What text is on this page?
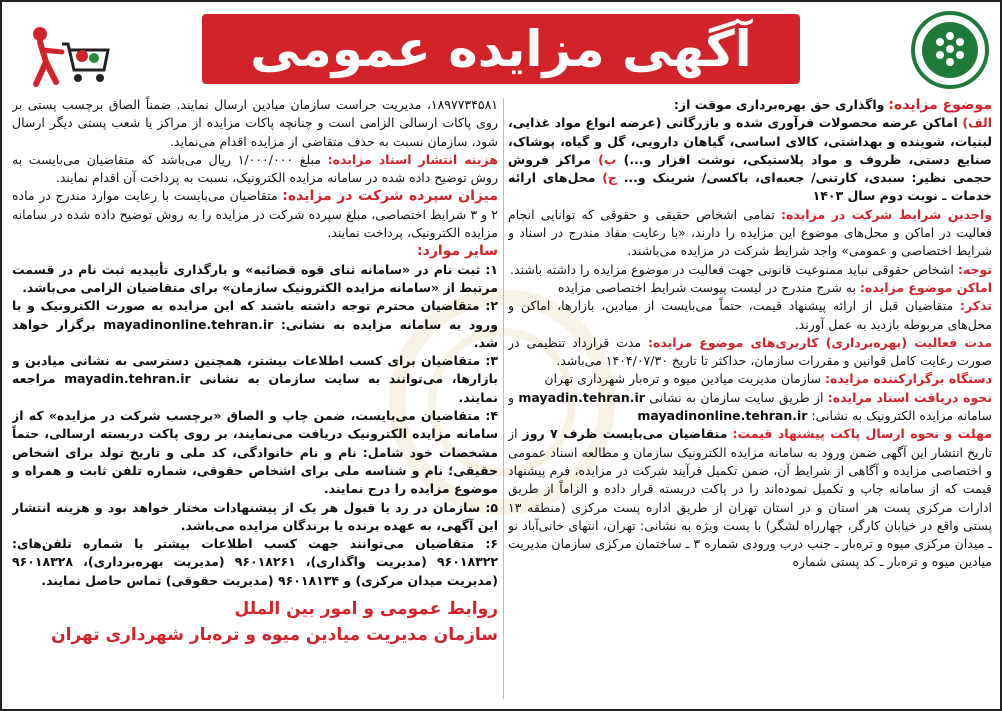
آگهی مزایده عمومی

موضوع مزایده: واگذاری حق بهره‌برداری موقت از:

الف) اماکن عرضه محصولات فرآوری شده و بازرگانی (عرضه انواع مواد غذایی، لبنیات، شوینده و بهداشتی، کالای اساسی، گیاهان دارویی، گل و گیاه، پوشاک، صنایع دستی، ظروف و مواد پلاستیکی، نوشت افزار و...) ب) مراکز فروش حجمی نظیر: سبدی، کارتنی/ جعبه‌ای، باکسی/ شرینک و... ج) محل‌های ارائه خدمات ـ نوبت دوم سال ۱۴۰۳

واجدین شرایط شرکت در مزایده: تمامی اشخاص حقیقی و حقوقی که توانایی انجام فعالیت در اماکن و محل‌های موضوع این مزایده را دارند، «با رعایت مفاد مندرج در اسناد و شرایط اختصاصی و عمومی» واجد شرایط شرکت در مزایده می‌باشند.

توجه: اشخاص حقوقی نباید ممنوعیت قانونی جهت فعالیت در موضوع مزایده را داشته باشند.

اماکن موضوع مزایده: به شرح مندرج در لیست پیوست شرایط اختصاصی مزایده

تذکر: متقاضیان قبل از ارائه پیشنهاد قیمت، حتماً می‌بایست از میادین، بازارها، اماکن و محل‌های مربوطه بازدید به عمل آورند.

مدت فعالیت (بهره‌برداری) کاربری‌های موضوع مزایده: مدت قرارداد تنظیمی در صورت رعایت کامل قوانین و مقررات سازمان، حداکثر تا تاریخ ۱۴۰۴/۰۷/۳۰ می‌باشد.

دستگاه برگزارکننده مزایده: سازمان مدیریت میادین میوه و تره‌بار شهرداری تهران

نحوه دریافت اسناد مزایده: از طریق سایت سازمان به نشانی mayadin.tehran.ir و سامانه مزایده الکترونیک به نشانی: mayadinonline.tehran.ir

مهلت و نحوه ارسال پاکت پیشنهاد قیمت: متقاضیان می‌بایست ظرف ۷ روز از تاریخ انتشار این آگهی ضمن ورود به سامانه مزایده الکترونیک سازمان و مطالعه اسناد عمومی و اختصاصی مزایده و آگاهی از شرایط آن، ضمن تکمیل فرآیند شرکت در مزایده، فرم پیشنهاد قیمت که از سامانه چاپ و تکمیل نموده‌اند را در پاکت دربسته قرار داده و الزاماً از طریق ادارات مرکزی پست هر استان و در استان تهران از طریق اداره پست مرکزی (منطقه ۱۳ پستی واقع در خیابان کارگر، چهارراه لشگر) با پست ویژه به نشانی: تهران، انتهای خانی‌آباد نو ـ میدان مرکزی میوه و تره‌بار ـ جنب درب ورودی شماره ۳ ـ ساختمان مرکزی سازمان مدیریت میادین میوه و تره‌بار ـ کد پستی شماره

۱۸۹۷۷۳۴۵۸۱، مدیریت حراست سازمان میادین ارسال نمایند. ضمناً الصاق برچسب پستی بر روی پاکات ارسالی الزامی است و چنانچه پاکات مزایده از مراکز یا شعب پستی دیگر ارسال شود، سازمان نسبت به حذف متقاضی از مزایده اقدام می‌نماید.

هزینه انتشار اسناد مزایده: مبلغ ۱/۰۰۰/۰۰۰ ریال می‌باشد که متقاضیان می‌بایست به روش توضیح داده شده در سامانه مزایده الکترونیک، نسبت به پرداخت آن اقدام نمایند.

میزان سپرده شرکت در مزایده: متقاضیان می‌بایست با رعایت موارد مندرج در ماده ۲ و ۳ شرایط اختصاصی، مبلغ سپرده شرکت در مزایده را به روش توضیح داده شده در سامانه مزایده الکترونیک، پرداخت نمایند.

سایر موارد:

۱: ثبت نام در «سامانه ثنای قوه قضائیه» و بارگذاری تأییدیه ثبت نام در قسمت مرتبط از «سامانه مزایده الکترونیک سازمان» برای متقاضیان الزامی می‌باشد.

۲: متقاضیان محترم توجه داشته باشند که این مزایده به صورت الکترونیک و با ورود به سامانه مزایده به نشانی: mayadinonline.tehran.ir برگزار خواهد شد.

۳: متقاضیان برای کسب اطلاعات بیشتر، همچنین دسترسی به نشانی میادین و بازارها، می‌توانند به سایت سازمان به نشانی mayadin.tehran.ir مراجعه نمایند.

۴: متقاضیان می‌بایست، ضمن چاپ و الصاق «برچسب شرکت در مزایده» که از سامانه مزایده الکترونیک دریافت می‌نمایند، بر روی پاکت دربسته ارسالی، حتماً مشخصات خود شامل: نام و نام خانوادگی، کد ملی و تاریخ تولد برای اشخاص حقیقی؛ نام و شناسه ملی برای اشخاص حقوقی، شماره تلفن ثابت و همراه و موضوع مزایده را درج نمایند.

۵: سازمان در رد یا قبول هر یک از پیشنهادات مختار خواهد بود و هزینه انتشار این آگهی، به عهده برنده یا برندگان مزایده می‌باشد.

۶: متقاضیان می‌توانند جهت کسب اطلاعات بیشتر با شماره تلفن‌های: ۹۶۰۱۸۳۲۲ (مدیریت واگذاری)، ۹۶۰۱۸۲۶۱ (مدیریت بهره‌برداری)، ۹۶۰۱۸۳۲۸ (مدیریت میدان مرکزی) و ۹۶۰۱۸۱۳۴ (مدیریت حقوقی) تماس حاصل نمایند.

روابط عمومی و امور بین الملل
سازمان مدیریت میادین میوه و تره‌بار شهرداری تهران
